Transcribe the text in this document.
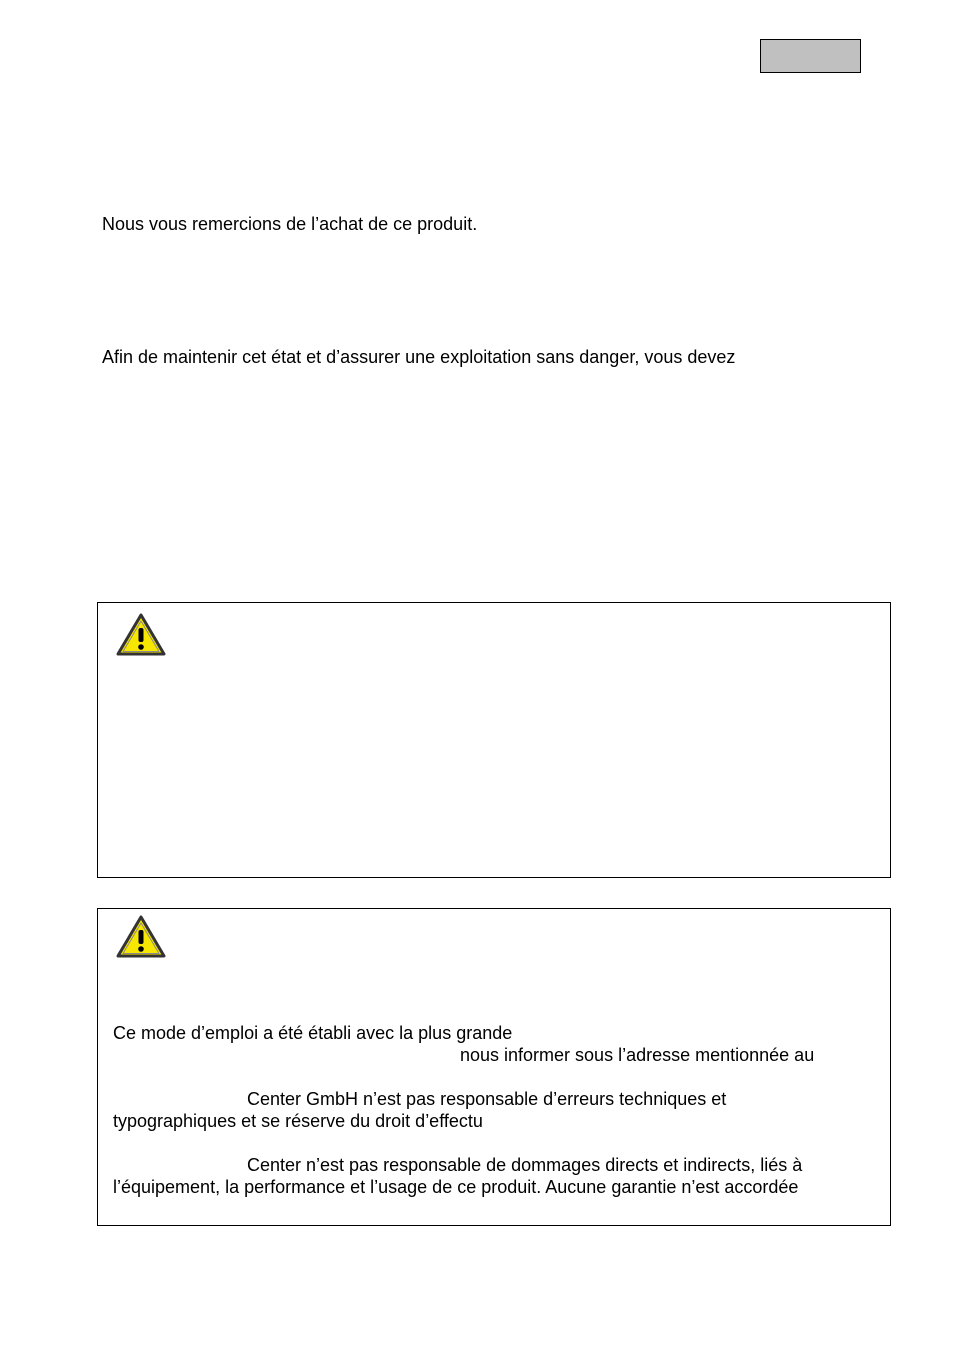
Nous vous remercions de l’achat de ce produit.
Afin de maintenir cet état et d’assurer une exploitation sans danger, vous devez
Ce mode d’emploi a été établi avec la plus grande
nous informer sous l’adresse mentionnée au
Center GmbH n’est pas responsable d’erreurs techniques et
typographiques et se réserve du droit d’effectu
Center n’est pas responsable de dommages directs et indirects, liés à
l’équipement, la performance et l’usage de ce produit. Aucune garantie n’est accordée
